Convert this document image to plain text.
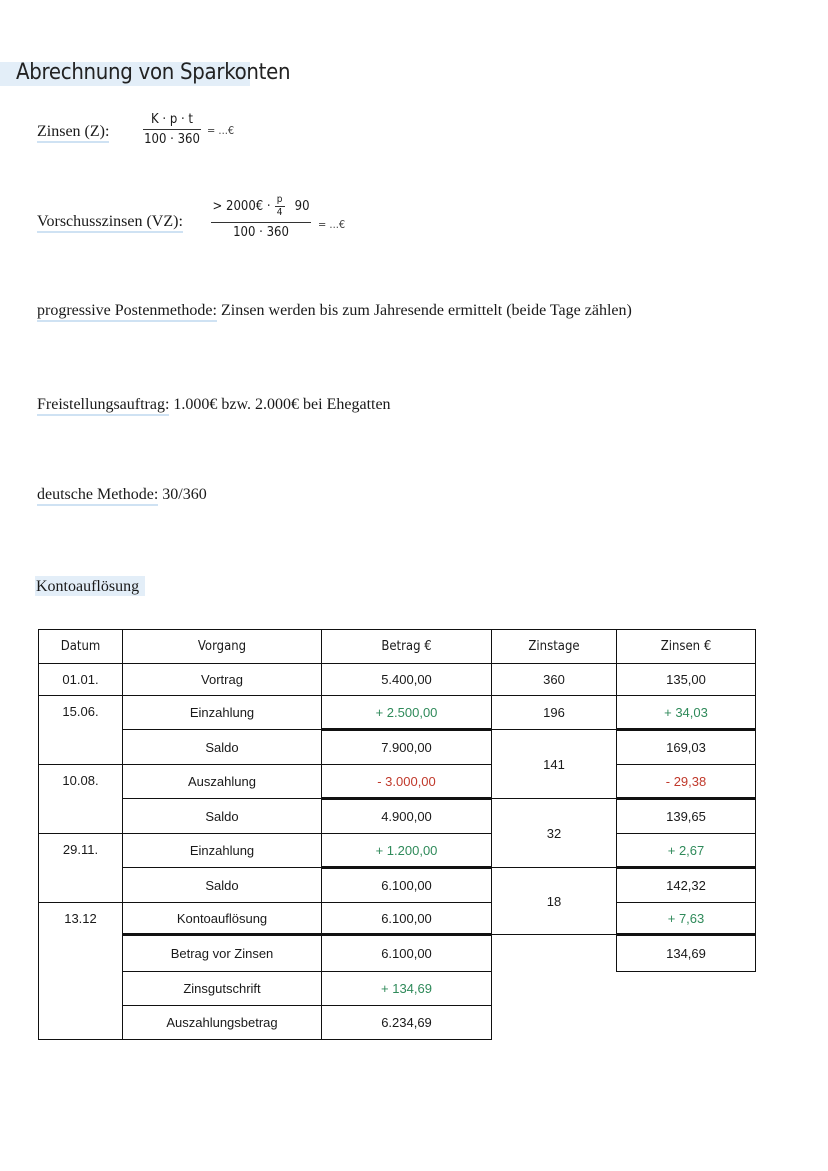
Abrechnung von Sparkonten
Zinsen (Z):
K · p · t
100 · 360
= ...€
Vorschusszinsen (VZ):
> 2000€ · p
4 90
100 · 360
= ...€
progressive Postenmethode: Zinsen werden bis zum Jahresende ermittelt (beide Tage zählen)
Freistellungsauftrag: 1.000€ bzw. 2.000€ bei Ehegatten
deutsche Methode: 30/360
Kontoauflösung
Datum	Vorgang	Betrag €	Zinstage	Zinsen €
01.01.	Vortrag	5.400,00	360	135,00
15.06.	Einzahlung	+ 2.500,00	196	+ 34,03
	Saldo	7.900,00	141	169,03
10.08.	Auszahlung	- 3.000,00		- 29,38
	Saldo	4.900,00	32	139,65
29.11.	Einzahlung	+ 1.200,00		+ 2,67
	Saldo	6.100,00	18	142,32
13.12	Kontoauflösung	6.100,00		+ 7,63
	Betrag vor Zinsen	6.100,00		134,69
	Zinsgutschrift	+ 134,69		
	Auszahlungsbetrag	6.234,69		
